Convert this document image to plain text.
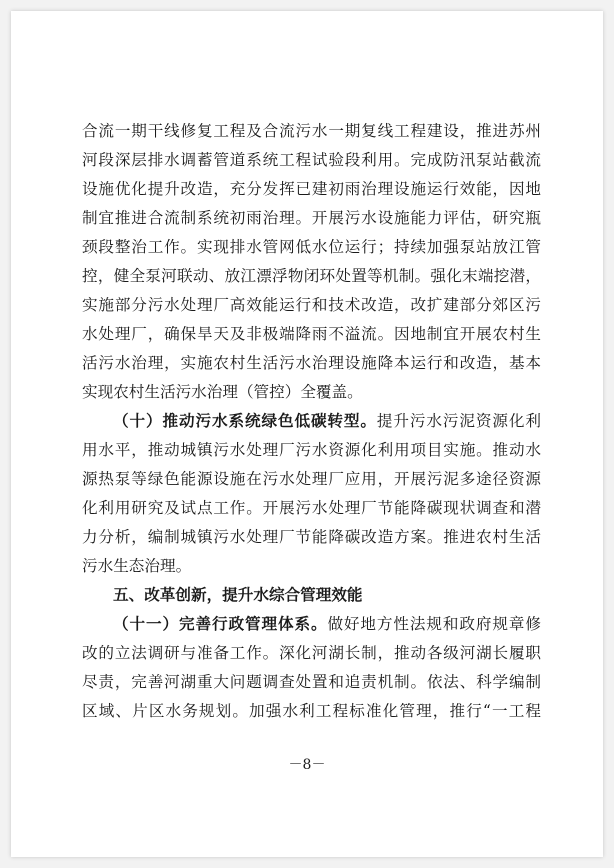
合流一期干线修复工程及合流污水一期复线工程建设，推进苏州
河段深层排水调蓄管道系统工程试验段利用。完成防汛泵站截流
设施优化提升改造，充分发挥已建初雨治理设施运行效能，因地
制宜推进合流制系统初雨治理。开展污水设施能力评估，研究瓶
颈段整治工作。实现排水管网低水位运行；持续加强泵站放江管
控，健全泵河联动、放江漂浮物闭环处置等机制。强化末端挖潜，
实施部分污水处理厂高效能运行和技术改造，改扩建部分郊区污
水处理厂，确保旱天及非极端降雨不溢流。因地制宜开展农村生
活污水治理，实施农村生活污水治理设施降本运行和改造，基本
实现农村生活污水治理（管控）全覆盖。
（十）推动污水系统绿色低碳转型。提升污水污泥资源化利
用水平，推动城镇污水处理厂污水资源化利用项目实施。推动水
源热泵等绿色能源设施在污水处理厂应用，开展污泥多途径资源
化利用研究及试点工作。开展污水处理厂节能降碳现状调查和潜
力分析，编制城镇污水处理厂节能降碳改造方案。推进农村生活
污水生态治理。
五、改革创新，提升水综合管理效能
（十一）完善行政管理体系。做好地方性法规和政府规章修
改的立法调研与准备工作。深化河湖长制，推动各级河湖长履职
尽责，完善河湖重大问题调查处置和追责机制。依法、科学编制
区域、片区水务规划。加强水利工程标准化管理，推行“一工程
－8－
